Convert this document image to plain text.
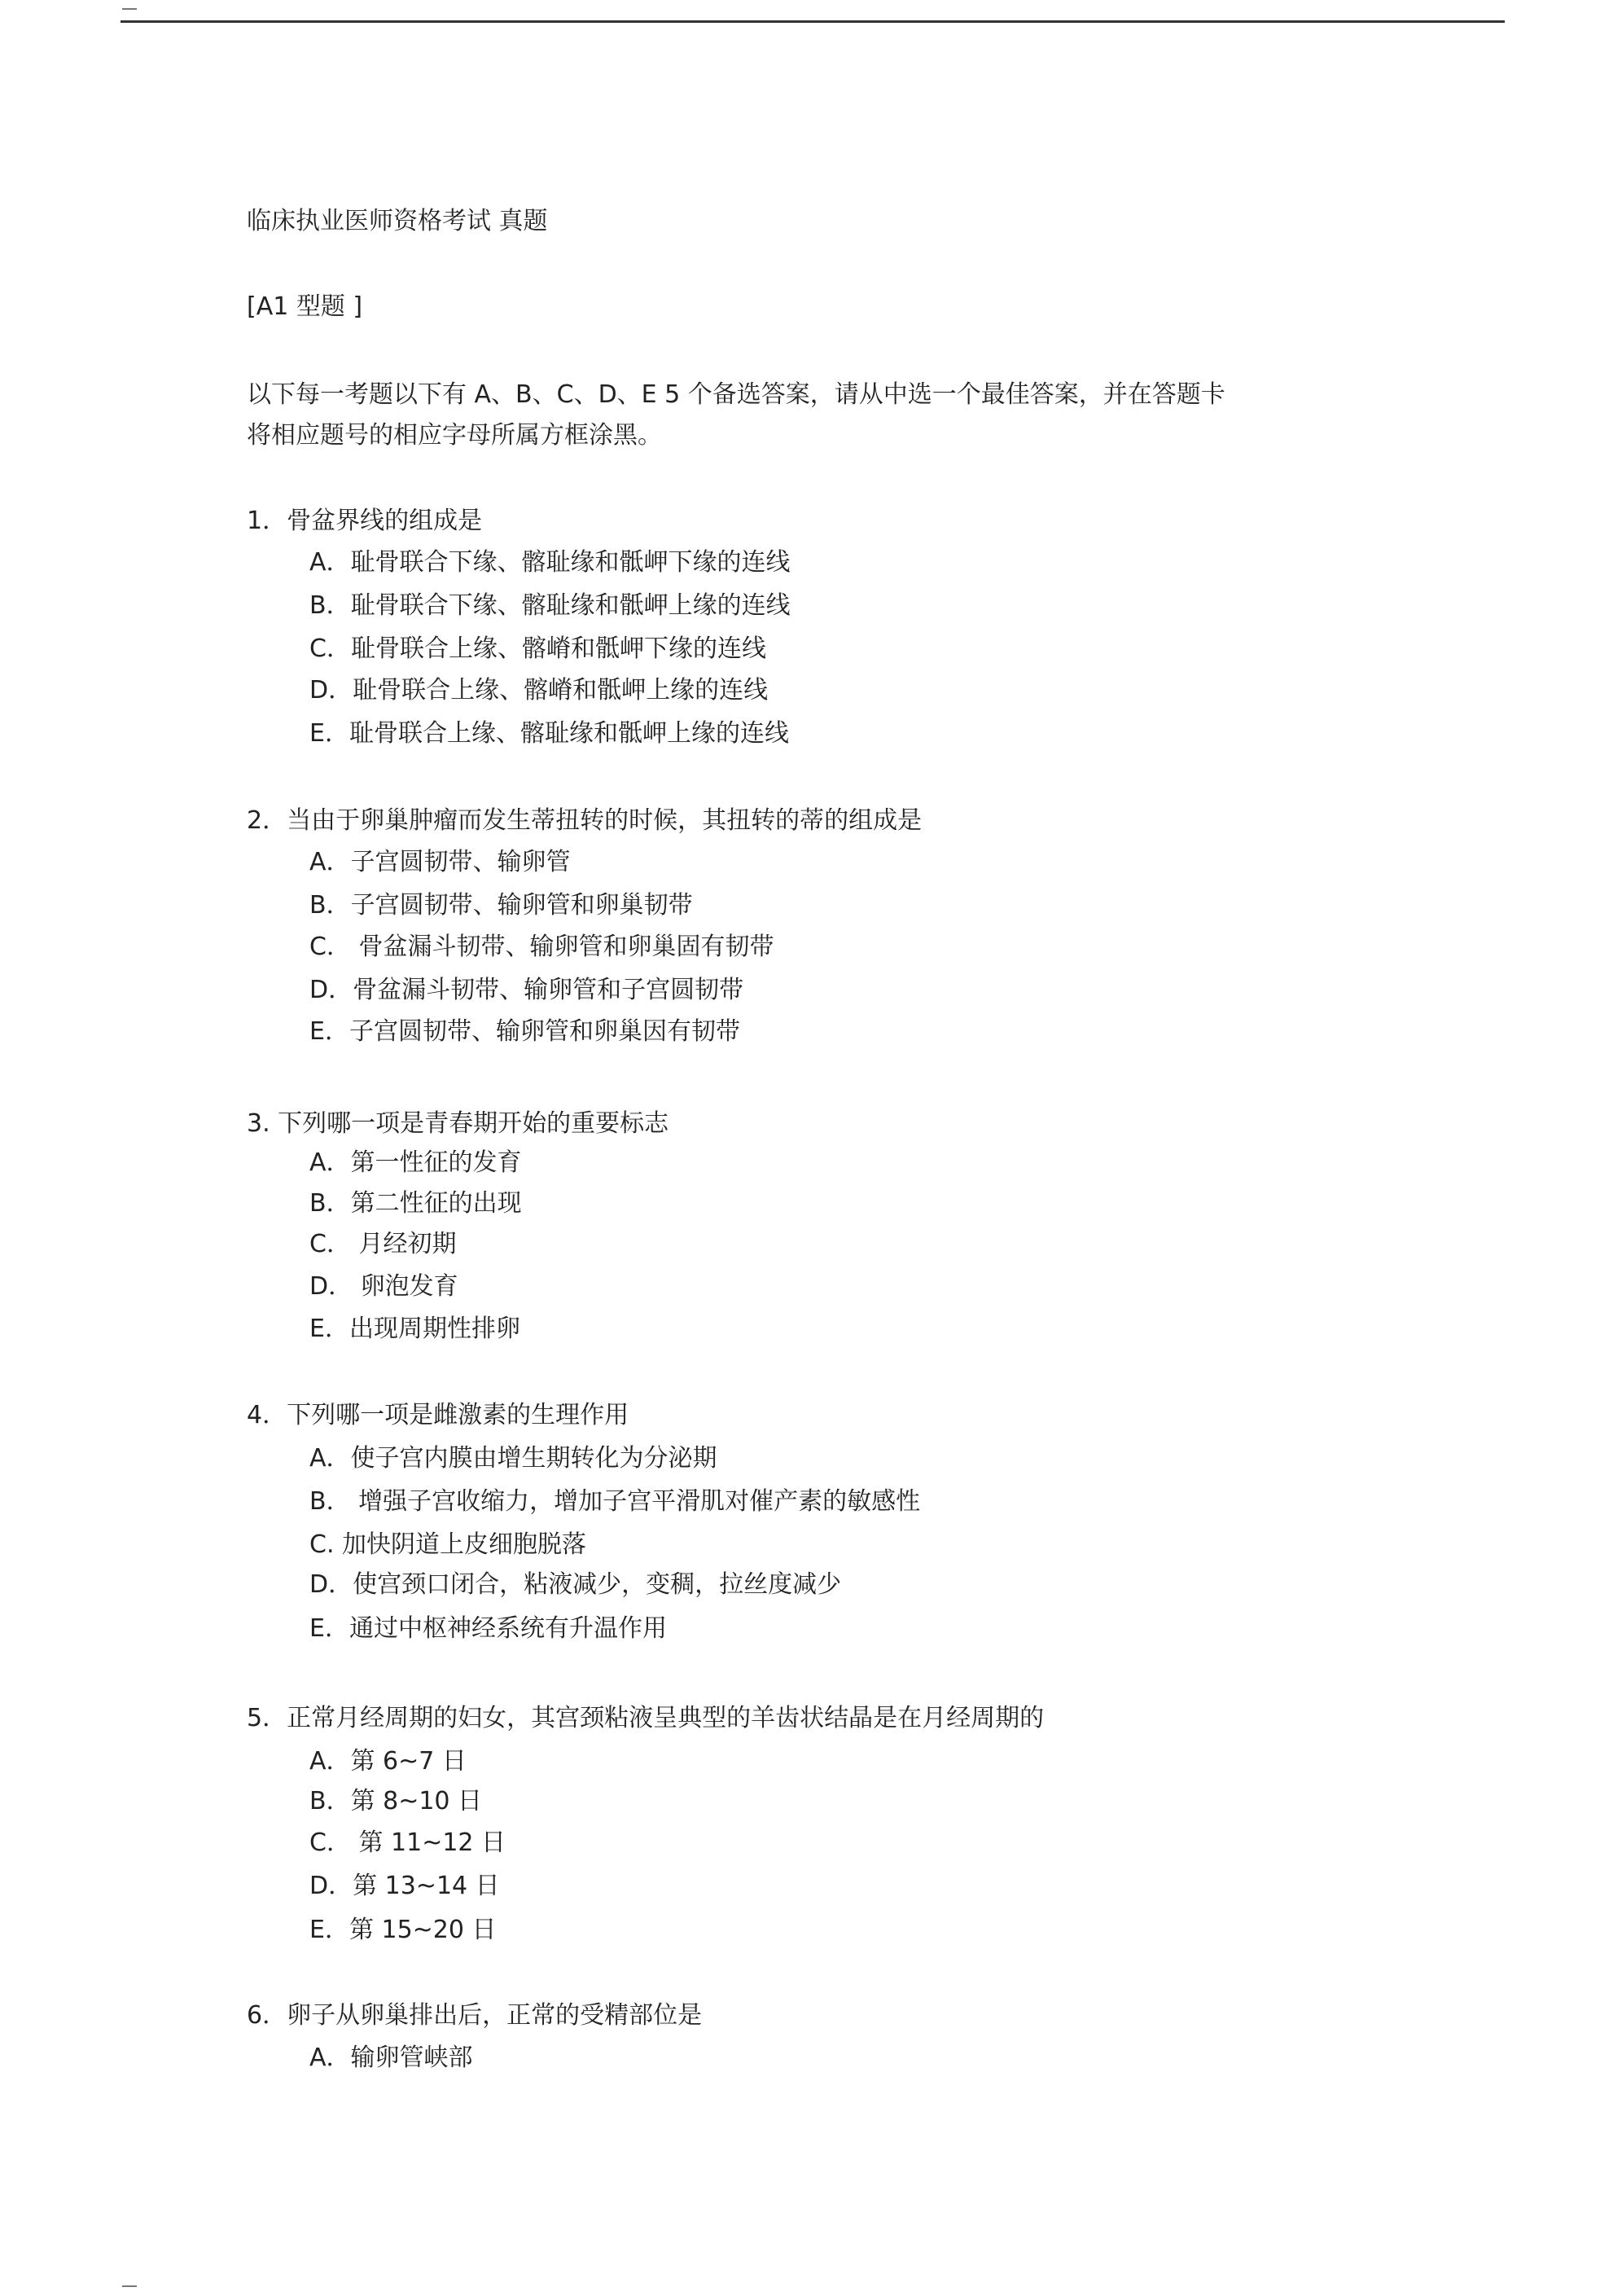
临床执业医师资格考试 真题
[A1 型题 ]
以下每一考题以下有 A、B、C、D、E 5 个备选答案，请从中选一个最佳答案，并在答题卡
将相应题号的相应字母所属方框涂黑。
1．骨盆界线的组成是
A．耻骨联合下缘、髂耻缘和骶岬下缘的连线
B．耻骨联合下缘、髂耻缘和骶岬上缘的连线
C．耻骨联合上缘、髂嵴和骶岬下缘的连线
D．耻骨联合上缘、髂嵴和骶岬上缘的连线
E．耻骨联合上缘、髂耻缘和骶岬上缘的连线
2．当由于卵巢肿瘤而发生蒂扭转的时候，其扭转的蒂的组成是
A．子宫圆韧带、输卵管
B．子宫圆韧带、输卵管和卵巢韧带
C． 骨盆漏斗韧带、输卵管和卵巢固有韧带
D．骨盆漏斗韧带、输卵管和子宫圆韧带
E．子宫圆韧带、输卵管和卵巢因有韧带
3. 下列哪一项是青春期开始的重要标志
A．第一性征的发育
B．第二性征的出现
C． 月经初期
D． 卵泡发育
E．出现周期性排卵
4．下列哪一项是雌激素的生理作用
A．使子宫内膜由增生期转化为分泌期
B． 增强子宫收缩力，增加子宫平滑肌对催产素的敏感性
C. 加快阴道上皮细胞脱落
D．使宫颈口闭合，粘液减少，变稠，拉丝度减少
E．通过中枢神经系统有升温作用
5．正常月经周期的妇女，其宫颈粘液呈典型的羊齿状结晶是在月经周期的
A．第 6~7 日
B．第 8~10 日
C． 第 11~12 日
D．第 13~14 日
E．第 15~20 日
6．卵子从卵巢排出后，正常的受精部位是
A．输卵管峡部
